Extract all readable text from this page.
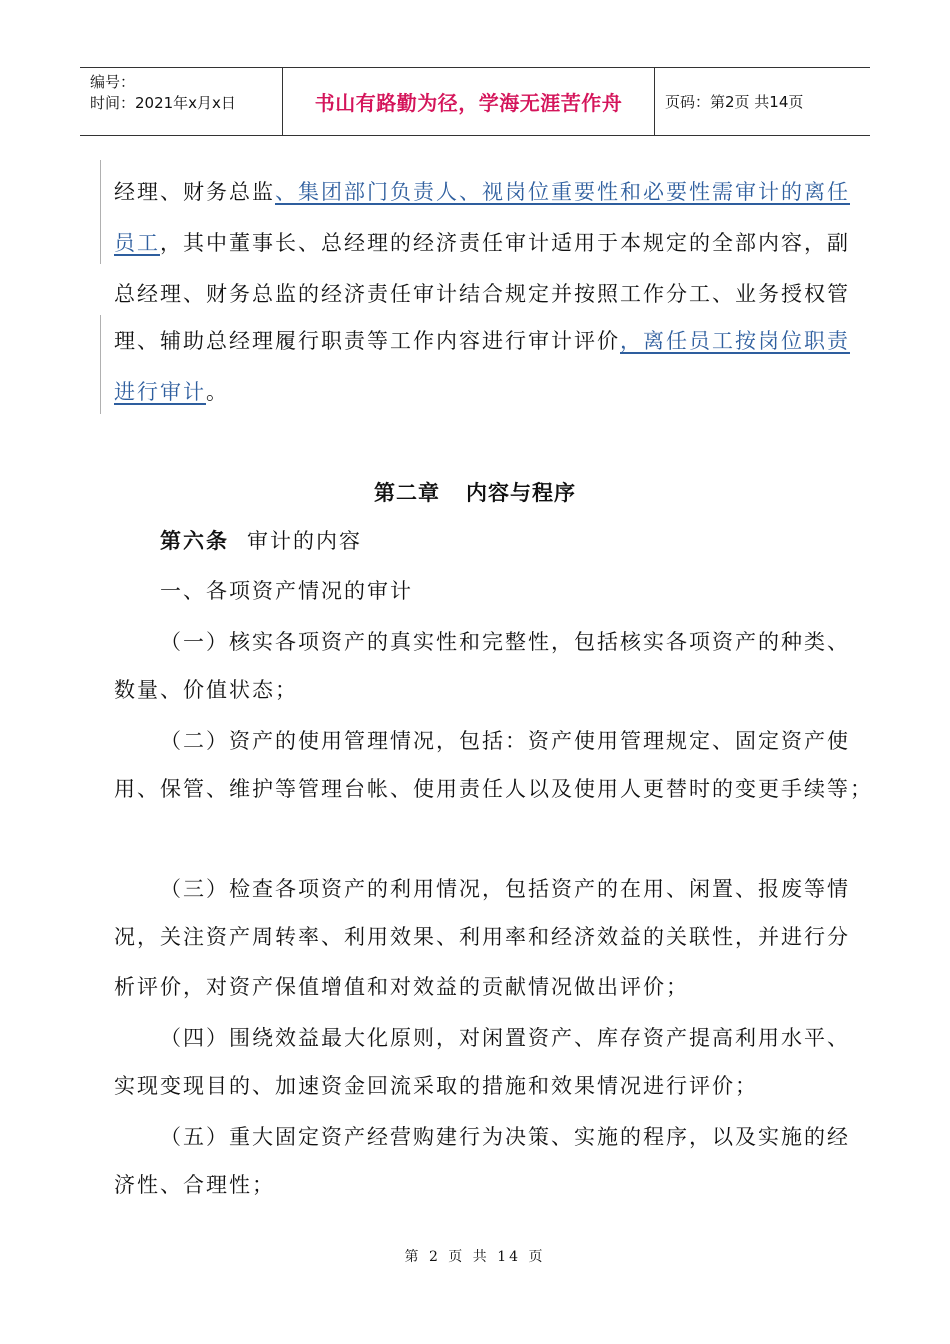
编号：
时间：2021年x月x日	书山有路勤为径，学海无涯苦作舟	页码：第2页 共14页
经理、财务总监、集团部门负责人、视岗位重要性和必要性需审计的离任
员工，其中董事长、总经理的经济责任审计适用于本规定的全部内容，副
总经理、财务总监的经济责任审计结合规定并按照工作分工、业务授权管
理、辅助总经理履行职责等工作内容进行审计评价，离任员工按岗位职责
进行审计。
第二章 内容与程序
第六条 审计的内容
一、各项资产情况的审计
（一）核实各项资产的真实性和完整性，包括核实各项资产的种类、
数量、价值状态；
（二）资产的使用管理情况，包括：资产使用管理规定、固定资产使
用、保管、维护等管理台帐、使用责任人以及使用人更替时的变更手续等；
（三）检查各项资产的利用情况，包括资产的在用、闲置、报废等情
况，关注资产周转率、利用效果、利用率和经济效益的关联性，并进行分
析评价，对资产保值增值和对效益的贡献情况做出评价；
（四）围绕效益最大化原则，对闲置资产、库存资产提高利用水平、
实现变现目的、加速资金回流采取的措施和效果情况进行评价；
（五）重大固定资产经营购建行为决策、实施的程序，以及实施的经
济性、合理性；
第 2 页 共 14 页
